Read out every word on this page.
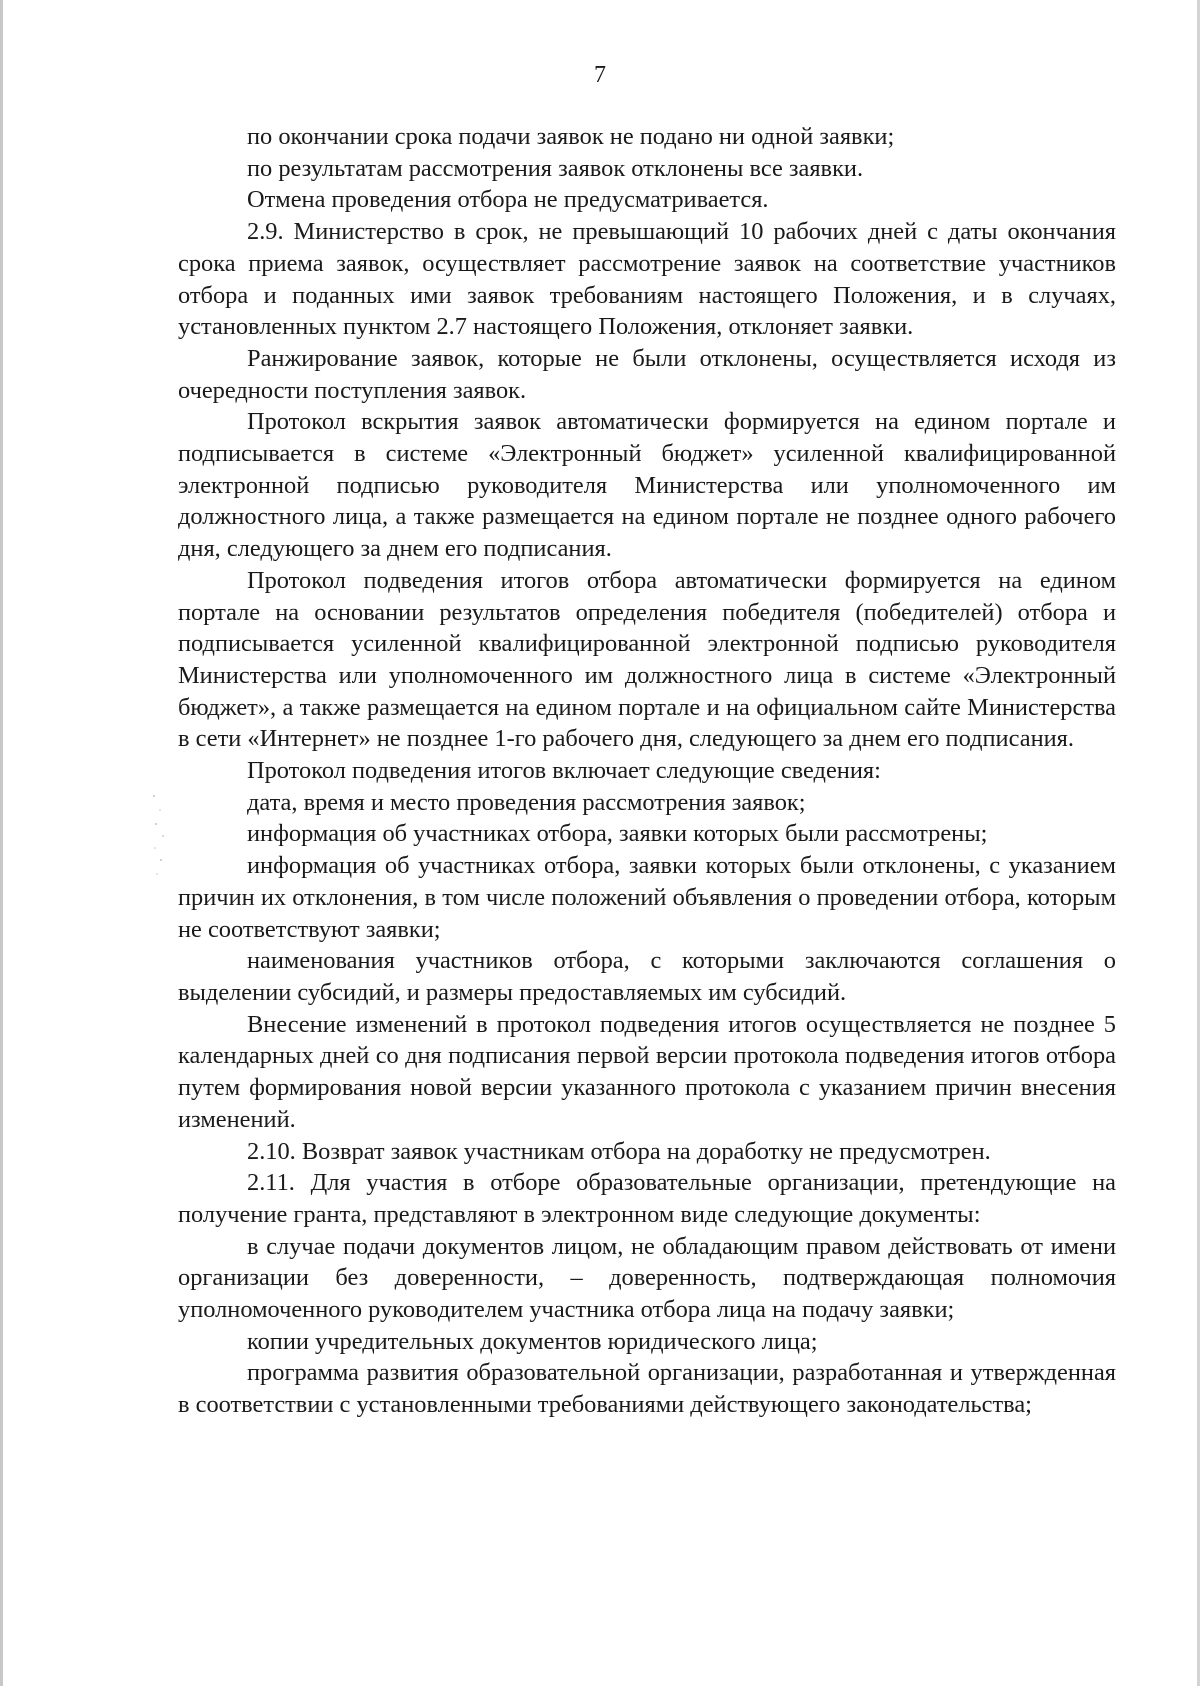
7

по окончании срока подачи заявок не подано ни одной заявки;

по результатам рассмотрения заявок отклонены все заявки.

Отмена проведения отбора не предусматривается.

2.9. Министерство в срок, не превышающий 10 рабочих дней с даты окончания срока приема заявок, осуществляет рассмотрение заявок на соответствие участников отбора и поданных ими заявок требованиям настоящего Положения, и в случаях, установленных пунктом 2.7 настоящего Положения, отклоняет заявки.

Ранжирование заявок, которые не были отклонены, осуществляется исходя из очередности поступления заявок.

Протокол вскрытия заявок автоматически формируется на едином портале и подписывается в системе «Электронный бюджет» усиленной квалифицированной электронной подписью руководителя Министерства или уполномоченного им должностного лица, а также размещается на едином портале не позднее одного рабочего дня, следующего за днем его подписания.

Протокол подведения итогов отбора автоматически формируется на едином портале на основании результатов определения победителя (победителей) отбора и подписывается усиленной квалифицированной электронной подписью руководителя Министерства или уполномоченного им должностного лица в системе «Электронный бюджет», а также размещается на едином портале и на официальном сайте Министерства в сети «Интернет» не позднее 1-го рабочего дня, следующего за днем его подписания.

Протокол подведения итогов включает следующие сведения:

дата, время и место проведения рассмотрения заявок;

информация об участниках отбора, заявки которых были рассмотрены;

информация об участниках отбора, заявки которых были отклонены, с указанием причин их отклонения, в том числе положений объявления о проведении отбора, которым не соответствуют заявки;

наименования участников отбора, с которыми заключаются соглашения о выделении субсидий, и размеры предоставляемых им субсидий.

Внесение изменений в протокол подведения итогов осуществляется не позднее 5 календарных дней со дня подписания первой версии протокола подведения итогов отбора путем формирования новой версии указанного протокола с указанием причин внесения изменений.

2.10. Возврат заявок участникам отбора на доработку не предусмотрен.

2.11. Для участия в отборе образовательные организации, претендующие на получение гранта, представляют в электронном виде следующие документы:

в случае подачи документов лицом, не обладающим правом действовать от имени организации без доверенности, – доверенность, подтверждающая полномочия уполномоченного руководителем участника отбора лица на подачу заявки;

копии учредительных документов юридического лица;

программа развития образовательной организации, разработанная и утвержденная в соответствии с установленными требованиями действующего законодательства;
